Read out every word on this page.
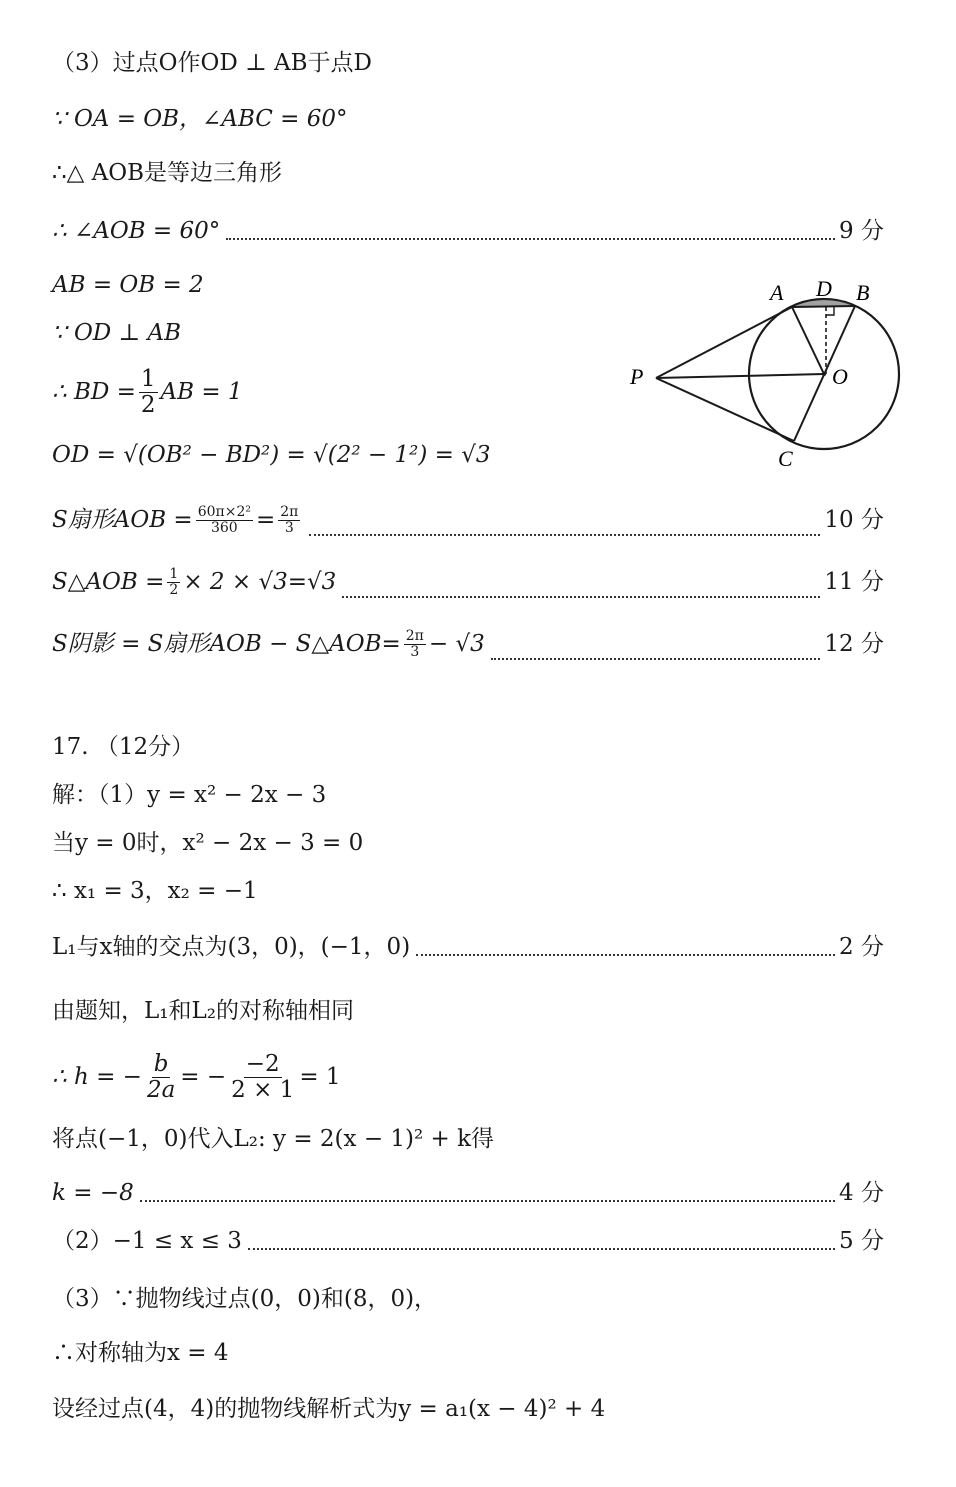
（3）过点O作OD ⊥ AB于点D
∵ OA = OB，∠ABC = 60°
∴△ AOB是等边三角形
∴ ∠AOB = 60°	9 分
AB = OB = 2
∵ OD ⊥ AB
∴ BD = $\frac{1}{2}$ AB = 1
OD = √(OB² − BD²) = √(2² − 1²) = √3
S扇形AOB = $\frac{\text{60π×2²}}{360} = \frac{2\pi}{3}$	10 分
S△AOB = $\frac{1}{2} \times 2 \times √3=√3$	11 分
S阴影 = S扇形AOB − S△AOB= $\frac{2\pi}{3} - √3$	12 分
A D B
P	O
C
17. （12分）
解：（1）y = x² − 2x − 3
当y = 0时，x² − 2x − 3 = 0
∴ x₁ = 3，x₂ = −1
L₁与x轴的交点为(3，0)，(−1，0)	2 分
由题知，L₁和L₂的对称轴相同
∴ h = − $\frac{b}{2a}$ = − $\frac{-2}{2 \times 1} = 1$
将点(−1，0)代入L₂: y = 2(x − 1)² + k得
k = −8	4 分
（2）−1 ≤ x ≤ 3	5 分
（3）∵抛物线过点(0，0)和(8，0)，
∴对称轴为x = 4
设经过点(4，4)的抛物线解析式为y = a₁(x − 4)² + 4
